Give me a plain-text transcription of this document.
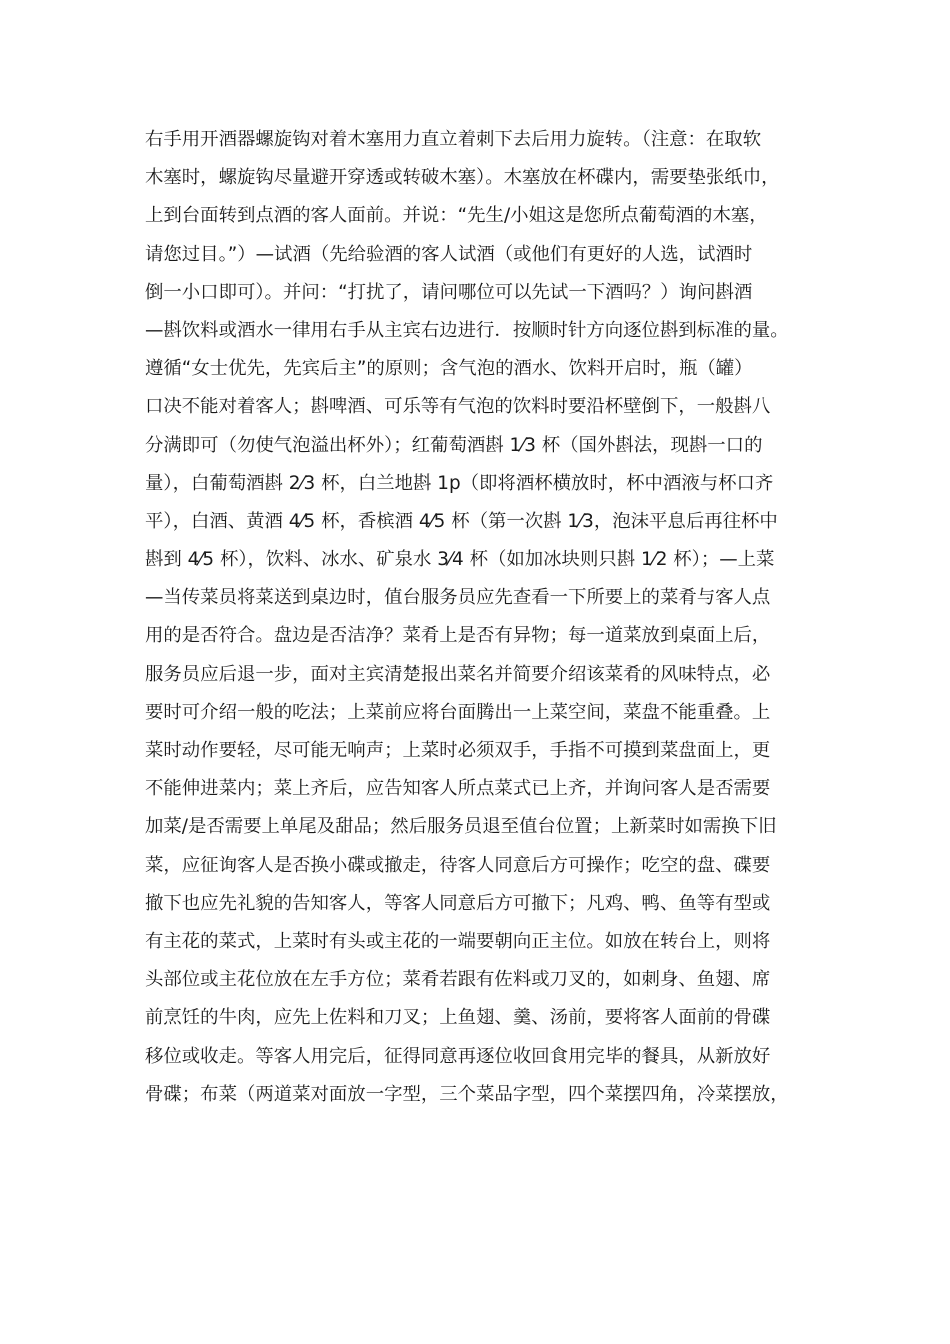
右手用开酒器螺旋钩对着木塞用力直立着刺下去后用力旋转。（注意：在取软
木塞时，螺旋钩尽量避开穿透或转破木塞）。木塞放在杯碟内，需要垫张纸巾，
上到台面转到点酒的客人面前。并说：“先生/小姐这是您所点葡萄酒的木塞，
请您过目。”）—试酒（先给验酒的客人试酒（或他们有更好的人选，试酒时
倒一小口即可）。并问：“打扰了，请问哪位可以先试一下酒吗？）询问斟酒
—斟饮料或酒水一律用右手从主宾右边进行．按顺时针方向逐位斟到标准的量。
遵循“女士优先，先宾后主”的原则；含气泡的酒水、饮料开启时，瓶（罐）
口决不能对着客人；斟啤酒、可乐等有气泡的饮料时要沿杯壁倒下，一般斟八
分满即可（勿使气泡溢出杯外）；红葡萄酒斟 1⁄3 杯（国外斟法，现斟一口的
量），白葡萄酒斟 2⁄3 杯，白兰地斟 1p（即将酒杯横放时，杯中酒液与杯口齐
平），白酒、黄酒 4⁄5 杯，香槟酒 4⁄5 杯（第一次斟 1⁄3，泡沫平息后再往杯中
斟到 4⁄5 杯），饮料、冰水、矿泉水 3⁄4 杯（如加冰块则只斟 1⁄2 杯）；—上菜
—当传菜员将菜送到桌边时，值台服务员应先查看一下所要上的菜肴与客人点
用的是否符合。盘边是否洁净？菜肴上是否有异物；每一道菜放到桌面上后，
服务员应后退一步，面对主宾清楚报出菜名并简要介绍该菜肴的风味特点，必
要时可介绍一般的吃法；上菜前应将台面腾出一上菜空间，菜盘不能重叠。上
菜时动作要轻，尽可能无响声；上菜时必须双手，手指不可摸到菜盘面上，更
不能伸进菜内；菜上齐后，应告知客人所点菜式已上齐，并询问客人是否需要
加菜/是否需要上单尾及甜品；然后服务员退至值台位置；上新菜时如需换下旧
菜，应征询客人是否换小碟或撤走，待客人同意后方可操作；吃空的盘、碟要
撤下也应先礼貌的告知客人，等客人同意后方可撤下；凡鸡、鸭、鱼等有型或
有主花的菜式，上菜时有头或主花的一端要朝向正主位。如放在转台上，则将
头部位或主花位放在左手方位；菜肴若跟有佐料或刀叉的，如刺身、鱼翅、席
前烹饪的牛肉，应先上佐料和刀叉；上鱼翅、羹、汤前，要将客人面前的骨碟
移位或收走。等客人用完后，征得同意再逐位收回食用完毕的餐具，从新放好
骨碟；布菜（两道菜对面放一字型，三个菜品字型，四个菜摆四角，冷菜摆放，
